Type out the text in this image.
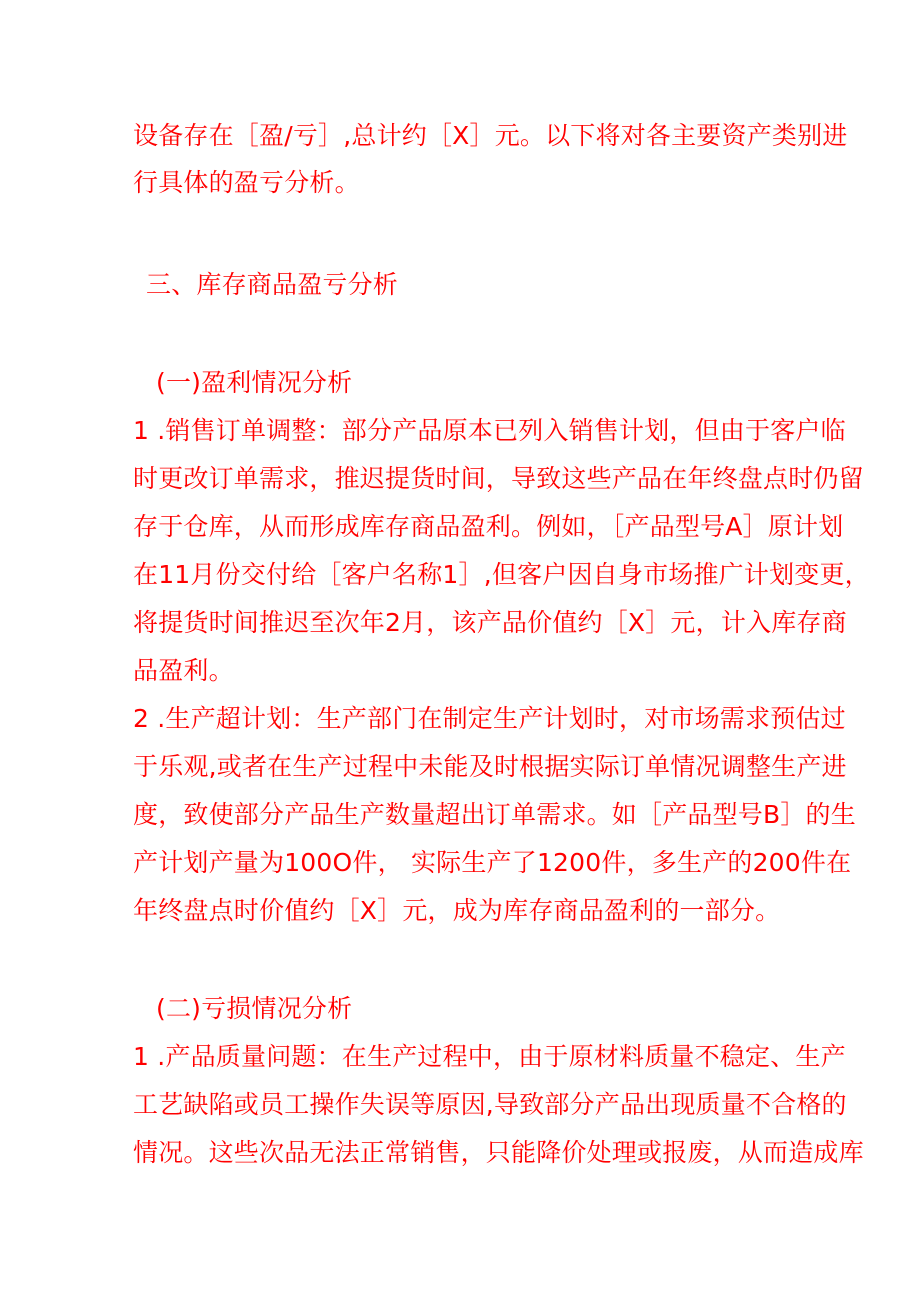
设备存在［盈/亏］,总计约［X］元。以下将对各主要资产类别进
行具体的盈亏分析。
三、库存商品盈亏分析
(一)盈利情况分析
1 .销售订单调整：部分产品原本已列入销售计划，但由于客户临
时更改订单需求，推迟提货时间，导致这些产品在年终盘点时仍留
存于仓库，从而形成库存商品盈利。例如，［产品型号A］原计划
在11月份交付给［客户名称1］,但客户因自身市场推广计划变更，
将提货时间推迟至次年2月，该产品价值约［X］元，计入库存商
品盈利。
2 .生产超计划：生产部门在制定生产计划时，对市场需求预估过
于乐观,或者在生产过程中未能及时根据实际订单情况调整生产进
度，致使部分产品生产数量超出订单需求。如［产品型号B］的生
产计划产量为100O件， 实际生产了1200件，多生产的200件在
年终盘点时价值约［X］元，成为库存商品盈利的一部分。
(二)亏损情况分析
1 .产品质量问题：在生产过程中，由于原材料质量不稳定、生产
工艺缺陷或员工操作失误等原因,导致部分产品出现质量不合格的
情况。这些次品无法正常销售，只能降价处理或报废，从而造成库
